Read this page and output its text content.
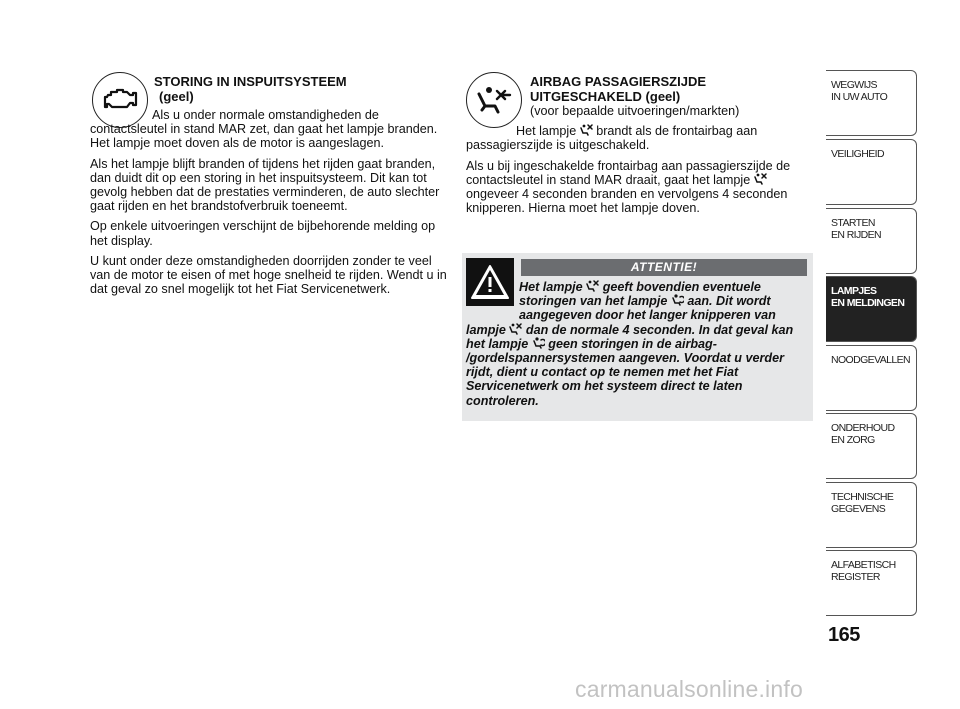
STORING IN INSPUITSYSTEEM
(geel)

Als u onder normale omstandigheden de contactsleutel in stand MAR zet, dan gaat het lampje branden. Het lampje moet doven als de motor is aangeslagen.

Als het lampje blijft branden of tijdens het rijden gaat branden, dan duidt dit op een storing in het inspuitsysteem. Dit kan tot gevolg hebben dat de prestaties verminderen, de auto slechter gaat rijden en het brandstofverbruik toeneemt.

Op enkele uitvoeringen verschijnt de bijbehorende melding op het display.

U kunt onder deze omstandigheden doorrijden zonder te veel van de motor te eisen of met hoge snelheid te rijden. Wendt u in dat geval zo snel mogelijk tot het Fiat Servicenetwerk.

AIRBAG PASSAGIERSZIJDE
UITGESCHAKELD (geel)
(voor bepaalde uitvoeringen/markten)

Het lampje brandt als de frontairbag aan passagierszijde is uitgeschakeld.

Als u bij ingeschakelde frontairbag aan passagierszijde de contactsleutel in stand MAR draait, gaat het lampje  ongeveer 4 seconden branden en vervolgens 4 seconden knipperen. Hierna moet het lampje doven.

ATTENTIE!
Het lampje geeft bovendien eventuele storingen van het lampje aan. Dit wordt aangegeven door het langer knipperen van lampje dan de normale 4 seconden. In dat geval kan het lampje geen storingen in de airbag- /gordelspannersystemen aangeven. Voordat u verder rijdt, dient u contact op te nemen met het Fiat Servicenetwerk om het systeem direct te laten controleren.
WEGWIJS
IN UW AUTO
VEILIGHEID
STARTEN
EN RIJDEN
LAMPJES
EN MELDINGEN
NOODGEVALLEN
ONDERHOUD
EN ZORG
TECHNISCHE
GEGEVENS
ALFABETISCH
REGISTER
165
carmanualsonline.info
